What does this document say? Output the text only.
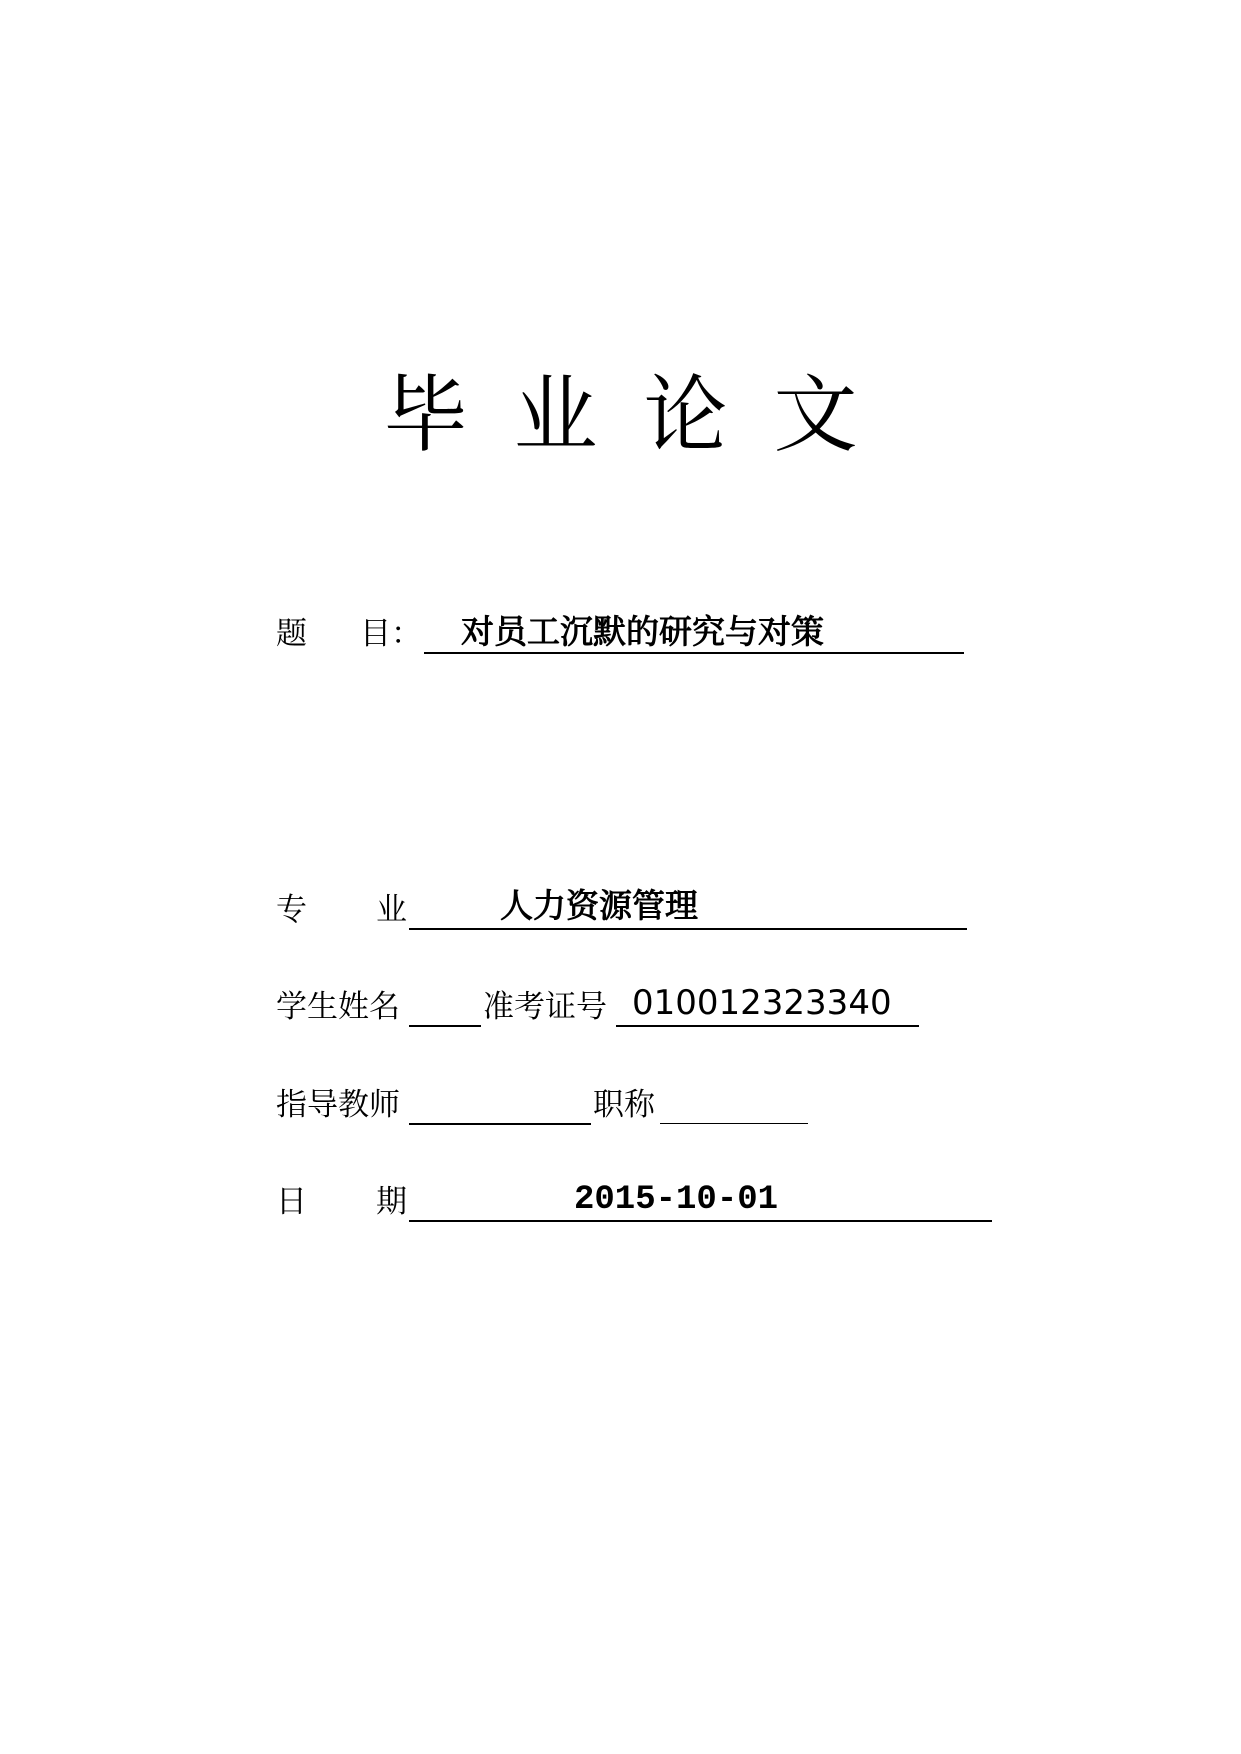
毕 业 论 文
题 目： 对员工沉默的研究与对策
专 业	人力资源管理
学生姓名	准考证号 010012323340
指导教师	职称
日 期	2015-10-01
